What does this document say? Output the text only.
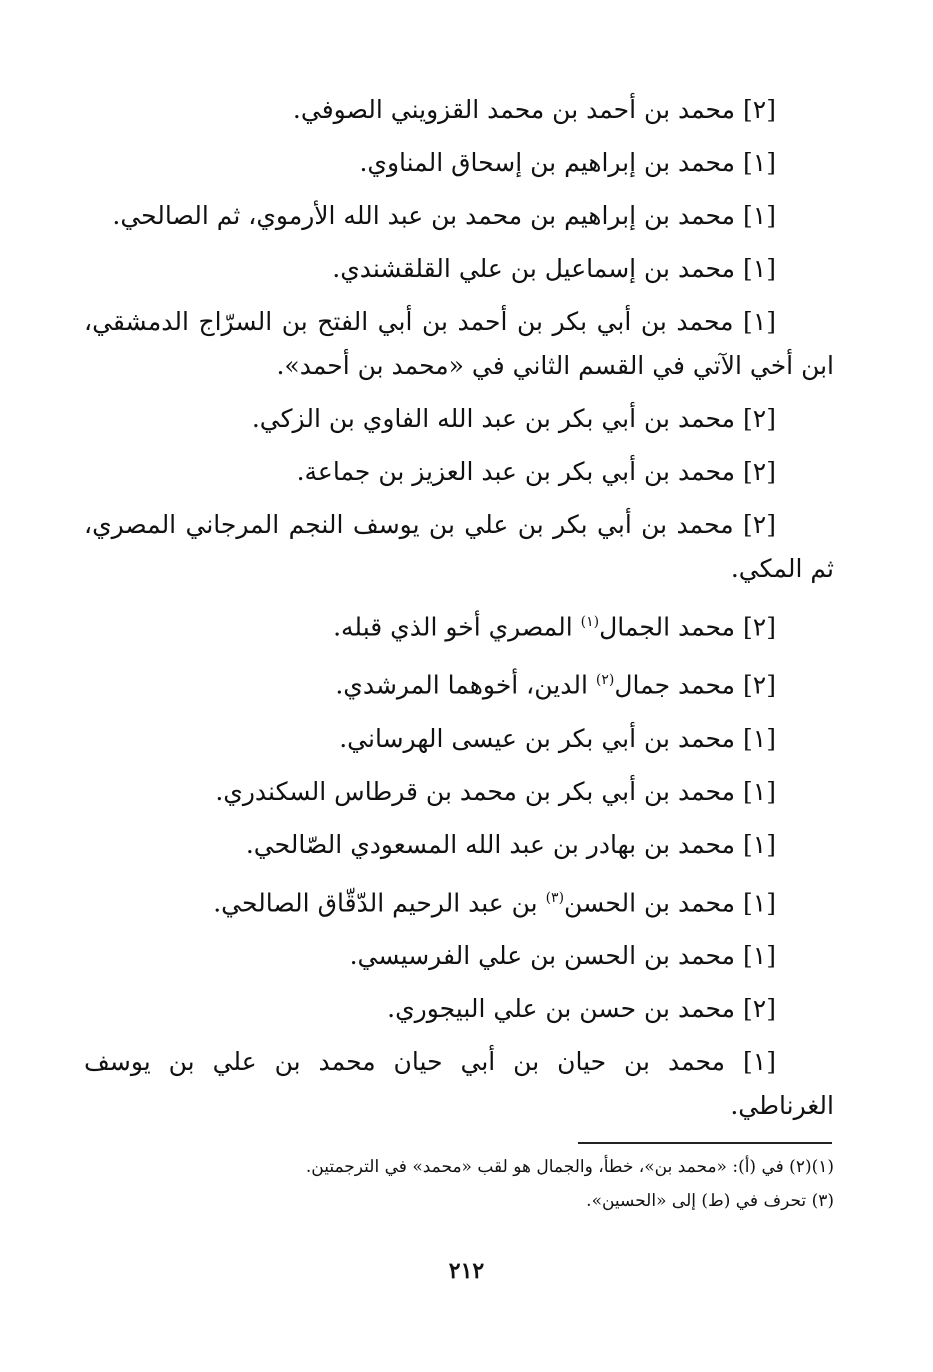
[٢] محمد بن أحمد بن محمد القزويني الصوفي.

[١] محمد بن إبراهيم بن إسحاق المناوي.

[١] محمد بن إبراهيم بن محمد بن عبد الله الأرموي، ثم الصالحي.

[١] محمد بن إسماعيل بن علي القلقشندي.

[١] محمد بن أبي بكر بن أحمد بن أبي الفتح بن السرّاج الدمشقي، ابن أخي الآتي في القسم الثاني في «محمد بن أحمد».

[٢] محمد بن أبي بكر بن عبد الله الفاوي بن الزكي.

[٢] محمد بن أبي بكر بن عبد العزيز بن جماعة.

[٢] محمد بن أبي بكر بن علي بن يوسف النجم المرجاني المصري، ثم المكي.

[٢] محمد الجمال$^{(١)}$ المصري أخو الذي قبله.

[٢] محمد جمال$^{(٢)}$ الدين، أخوهما المرشدي.

[١] محمد بن أبي بكر بن عيسى الهرساني.

[١] محمد بن أبي بكر بن محمد بن قرطاس السكندري.

[١] محمد بن بهادر بن عبد الله المسعودي الصّالحي.

[١] محمد بن الحسن$^{(٣)}$ بن عبد الرحيم الدّقّاق الصالحي.

[١] محمد بن الحسن بن علي الفرسيسي.

[٢] محمد بن حسن بن علي البيجوري.

[١] محمد بن حيان بن أبي حيان محمد بن علي بن يوسف الغرناطي.

(١)(٢) في (أ): «محمد بن»، خطأ، والجمال هو لقب «محمد» في الترجمتين.

(٣) تحرف في (ط) إلى «الحسين».

٢١٢
